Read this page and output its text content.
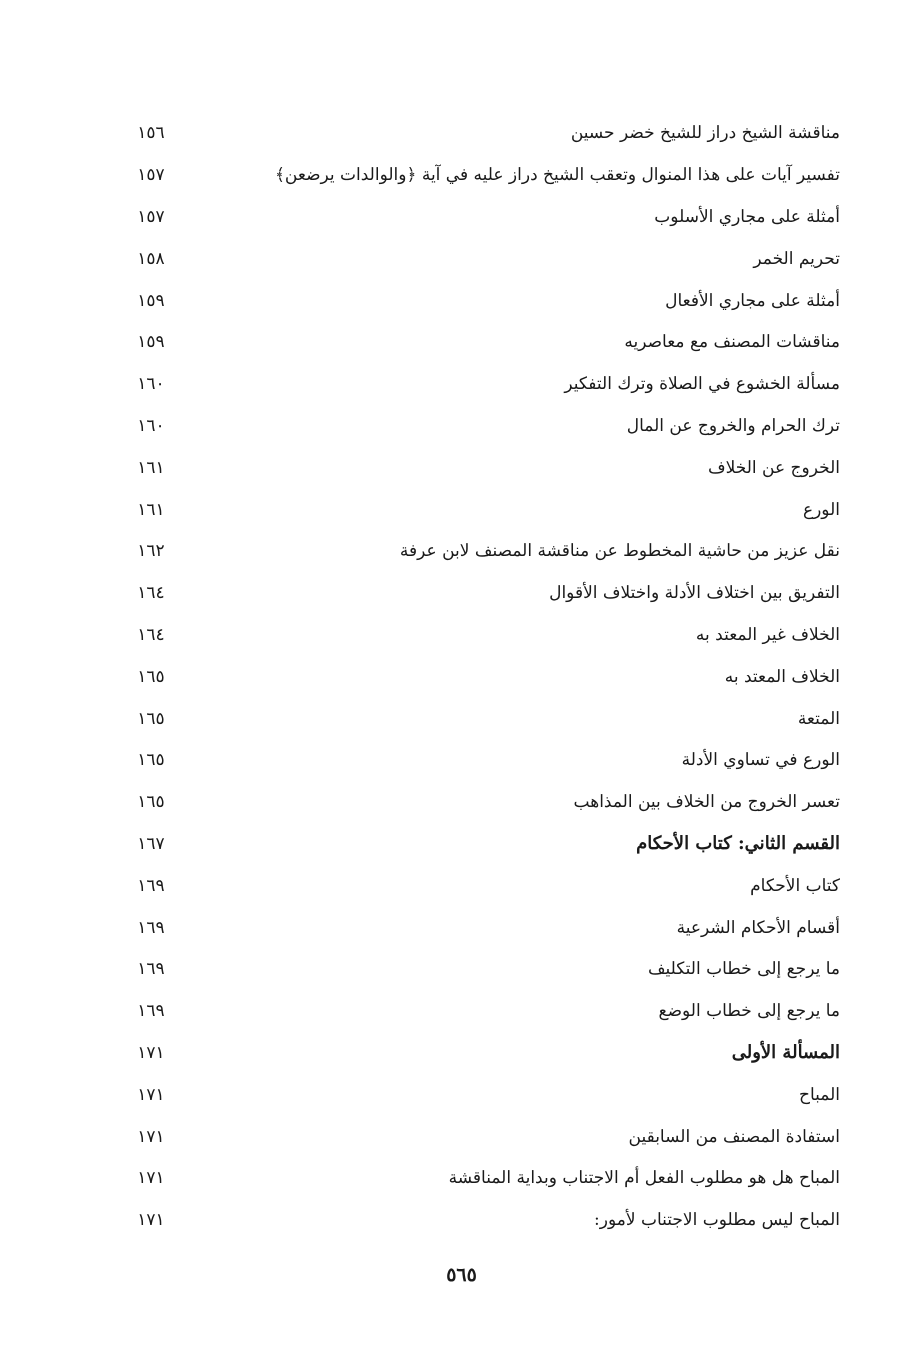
مناقشة الشيخ دراز للشيخ خضر حسين
١٥٦
تفسير آيات على هذا المنوال وتعقب الشيخ دراز عليه في آية ﴿والوالدات يرضعن﴾
١٥٧
أمثلة على مجاري الأسلوب
١٥٧
تحريم الخمر
١٥٨
أمثلة على مجاري الأفعال
١٥٩
مناقشات المصنف مع معاصريه
١٥٩
مسألة الخشوع في الصلاة وترك التفكير
١٦٠
ترك الحرام والخروج عن المال
١٦٠
الخروج عن الخلاف
١٦١
الورع
١٦١
نقل عزيز من حاشية المخطوط عن مناقشة المصنف لابن عرفة
١٦٢
التفريق بين اختلاف الأدلة واختلاف الأقوال
١٦٤
الخلاف غير المعتد به
١٦٤
الخلاف المعتد به
١٦٥
المتعة
١٦٥
الورع في تساوي الأدلة
١٦٥
تعسر الخروج من الخلاف بين المذاهب
١٦٥
القسم الثاني: كتاب الأحكام
١٦٧
كتاب الأحكام
١٦٩
أقسام الأحكام الشرعية
١٦٩
ما يرجع إلى خطاب التكليف
١٦٩
ما يرجع إلى خطاب الوضع
١٦٩
المسألة الأولى
١٧١
المباح
١٧١
استفادة المصنف من السابقين
١٧١
المباح هل هو مطلوب الفعل أم الاجتناب وبداية المناقشة
١٧١
المباح ليس مطلوب الاجتناب لأمور:
١٧١
٥٦٥
